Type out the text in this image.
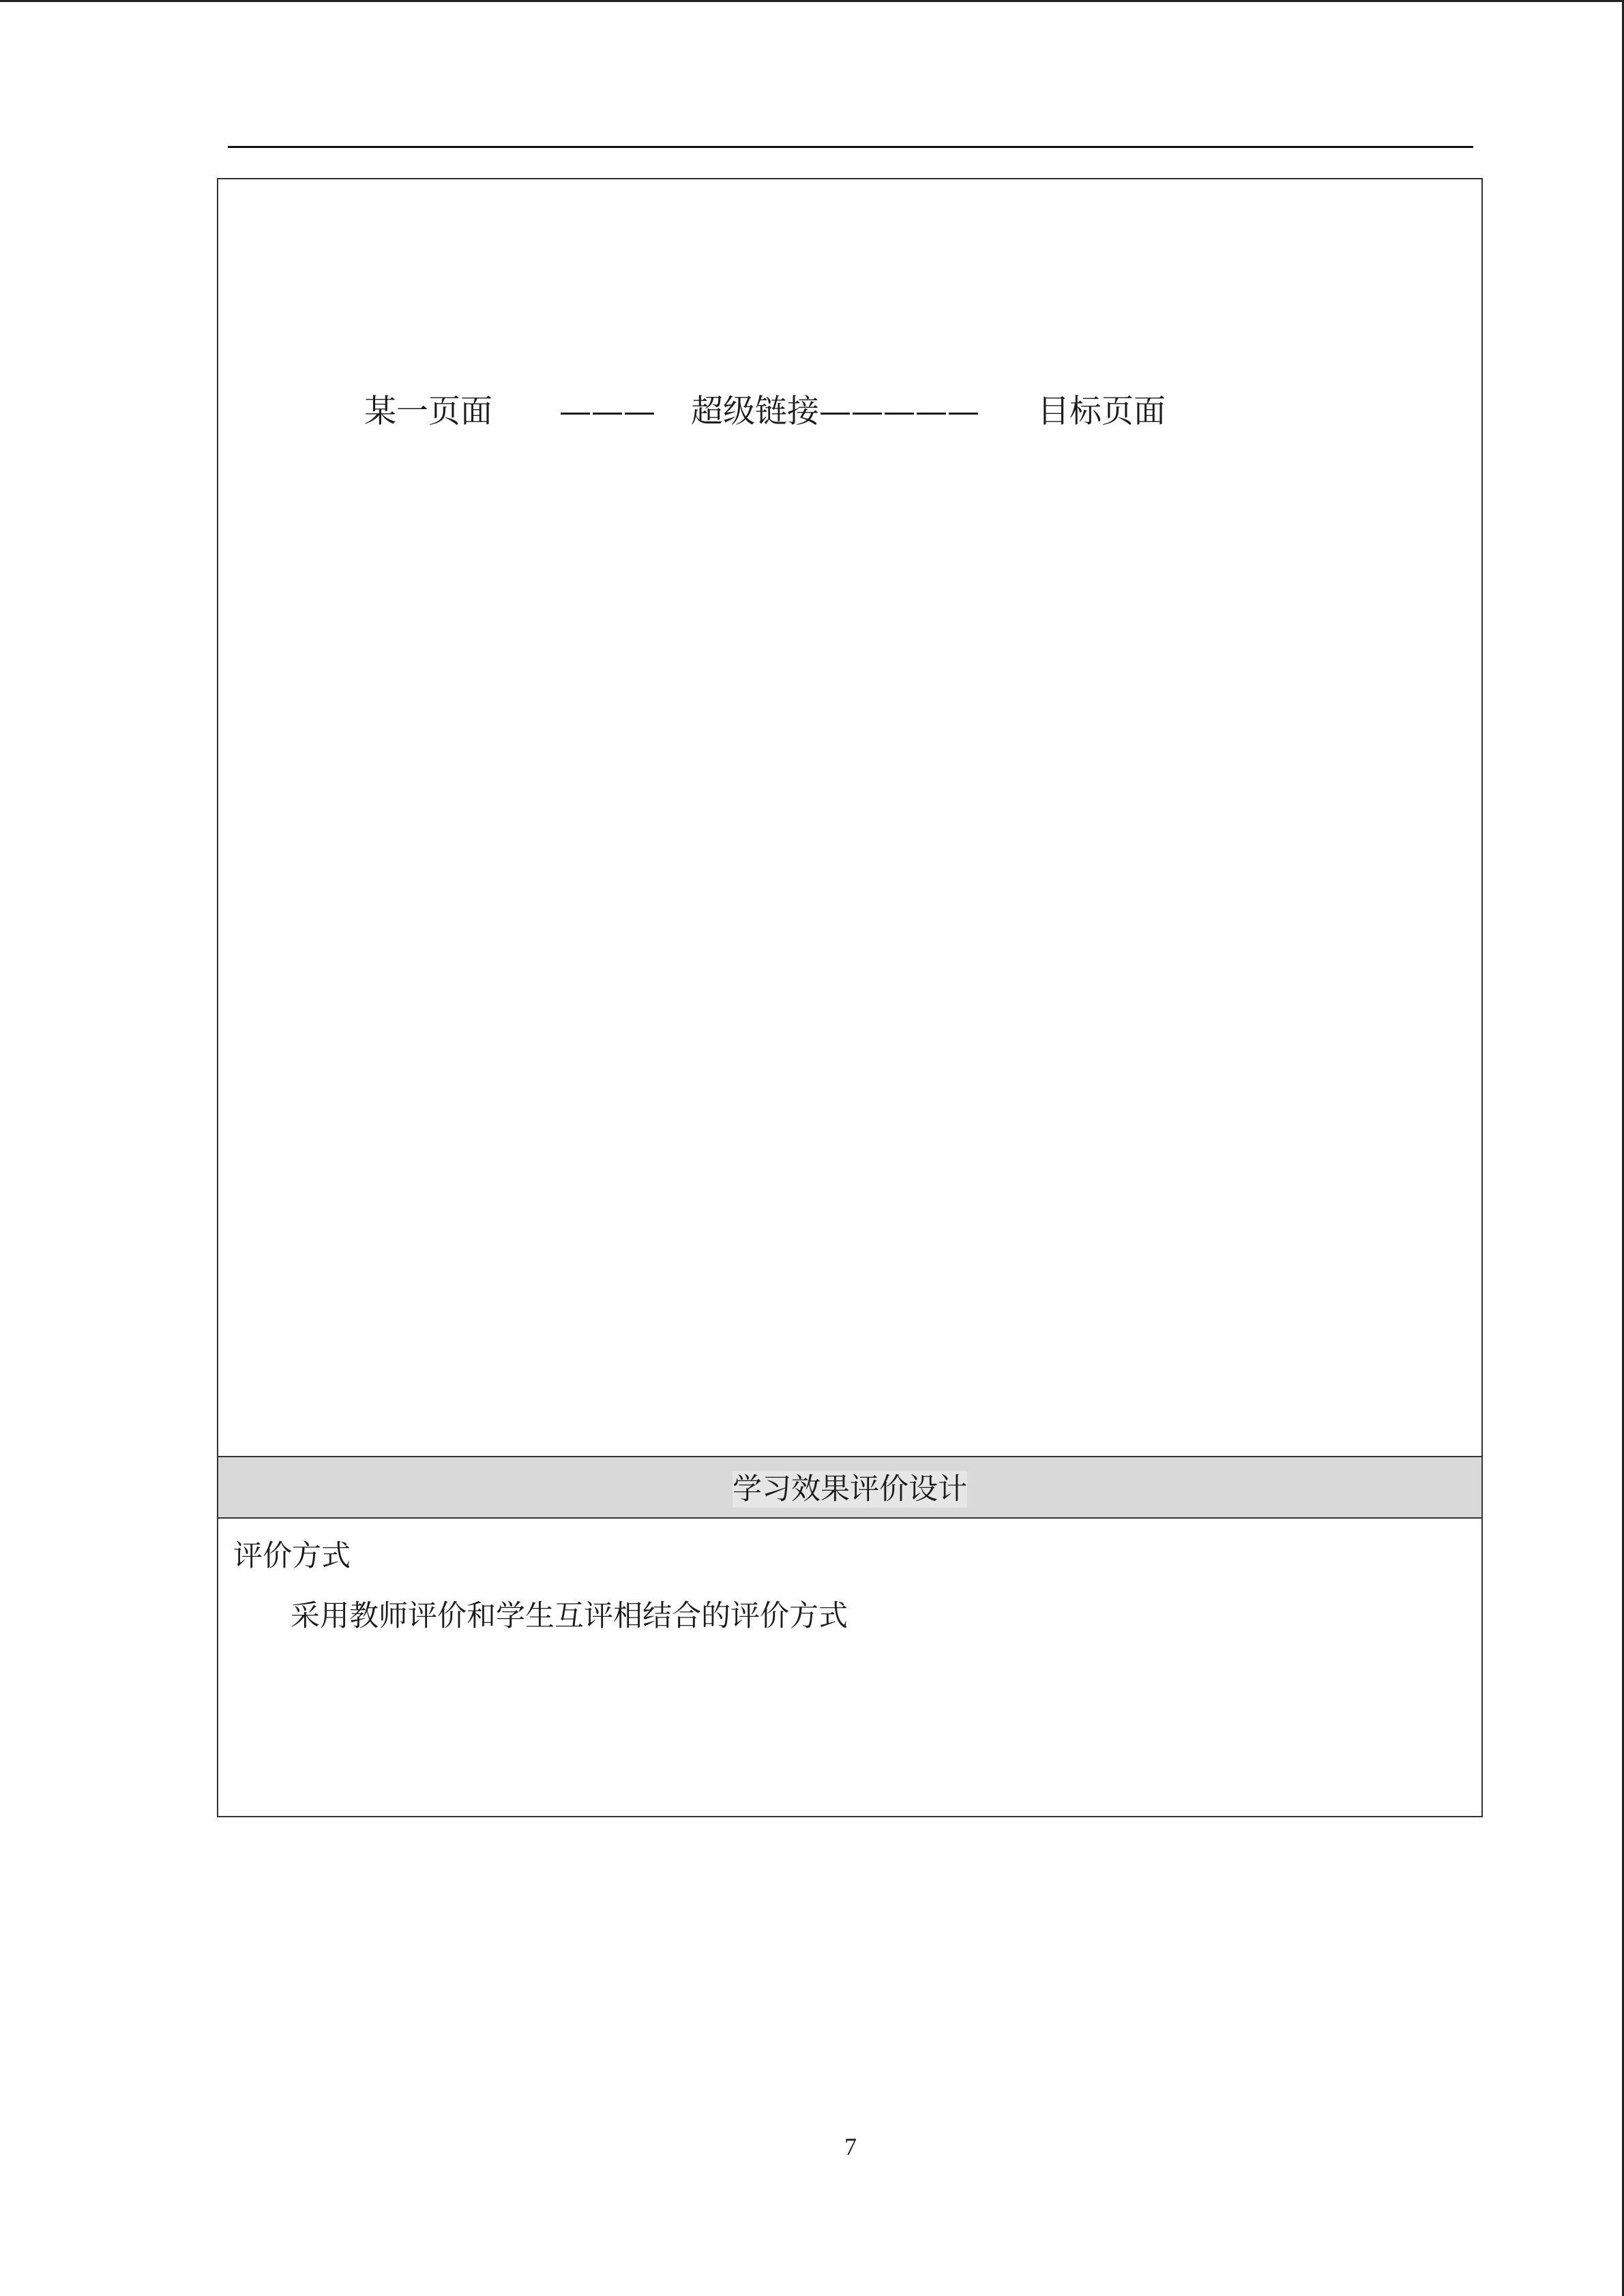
某一页面 ——— 超级链接————— 目标页面
学习效果评价设计
评价方式
采用教师评价和学生互评相结合的评价方式
7
